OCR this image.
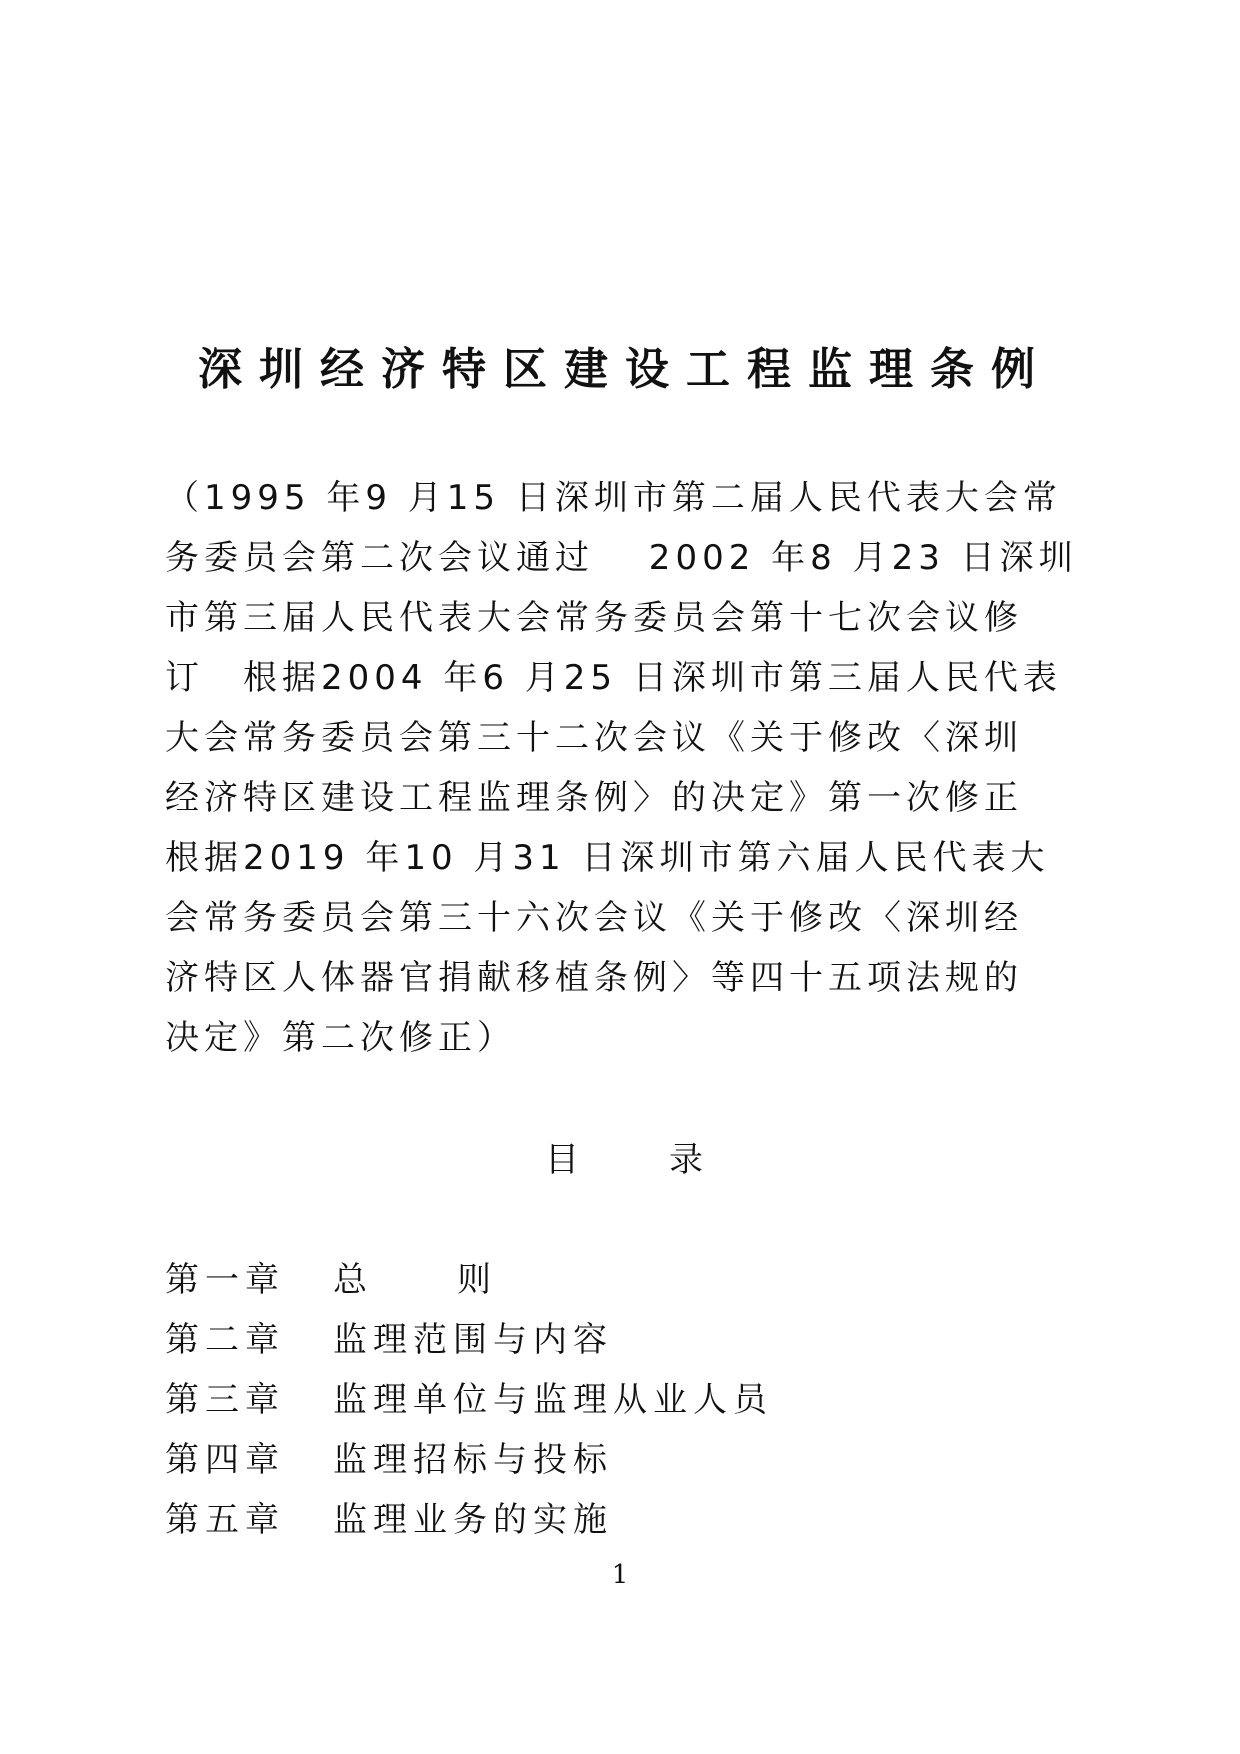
深圳经济特区建设工程监理条例
（1995 年9 月15 日深圳市第二届人民代表大会常
务委员会第二次会议通过　 2002 年8 月23 日深圳
市第三届人民代表大会常务委员会第十七次会议修
订　根据2004 年6 月25 日深圳市第三届人民代表
大会常务委员会第三十二次会议《关于修改〈深圳
经济特区建设工程监理条例〉的决定》第一次修正
根据2019 年10 月31 日深圳市第六届人民代表大
会常务委员会第三十六次会议《关于修改〈深圳经
济特区人体器官捐献移植条例〉等四十五项法规的
决定》第二次修正）
目	录
第一章 总则
第二章 监理范围与内容
第三章 监理单位与监理从业人员
第四章 监理招标与投标
第五章 监理业务的实施
1
